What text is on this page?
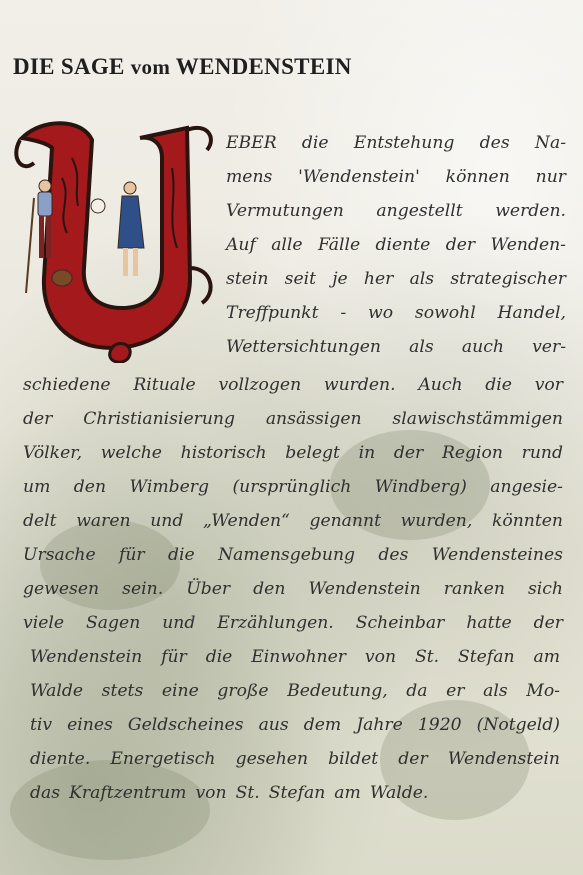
DIE SAGE vom WENDENSTEIN
EBER die Entstehung des Na-
mens 'Wendenstein' können nur
Vermutungen angestellt werden.
Auf alle Fälle diente der Wenden-
stein seit je her als strategischer
Treffpunkt - wo sowohl Handel,
Wettersichtungen als auch ver-
schiedene Rituale vollzogen wurden. Auch die vor
der Christianisierung ansässigen slawischstämmigen
Völker, welche historisch belegt in der Region rund
um den Wimberg (ursprünglich Windberg) angesie-
delt waren und „Wenden“ genannt wurden, könnten
Ursache für die Namensgebung des Wendensteines
gewesen sein. Über den Wendenstein ranken sich
viele Sagen und Erzählungen. Scheinbar hatte der
Wendenstein für die Einwohner von St. Stefan am
Walde stets eine große Bedeutung, da er als Mo-
tiv eines Geldscheines aus dem Jahre 1920 (Notgeld)
diente. Energetisch gesehen bildet der Wendenstein
das Kraftzentrum von St. Stefan am Walde.
